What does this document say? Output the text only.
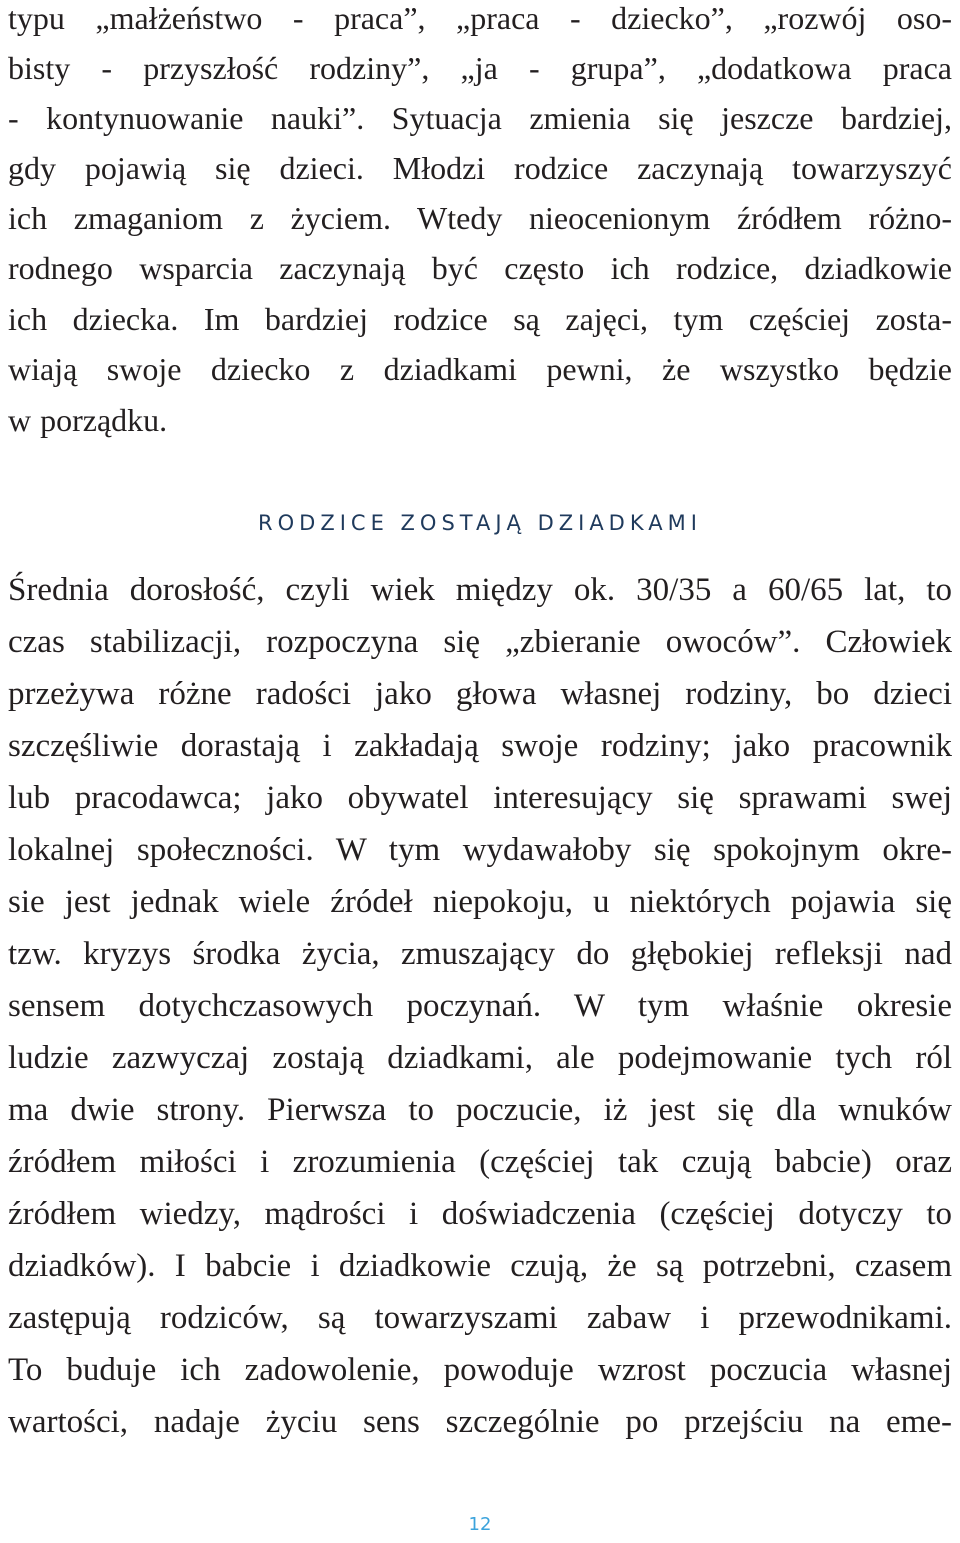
typu „małżeństwo - praca”, „praca - dziecko”, „rozwój oso-
bisty - przyszłość rodziny”, „ja - grupa”, „dodatkowa praca
- kontynuowanie nauki”. Sytuacja zmienia się jeszcze bardziej,
gdy pojawią się dzieci. Młodzi rodzice zaczynają towarzyszyć
ich zmaganiom z życiem. Wtedy nieocenionym źródłem różno-
rodnego wsparcia zaczynają być często ich rodzice, dziadkowie
ich dziecka. Im bardziej rodzice są zajęci, tym częściej zosta-
wiają swoje dziecko z dziadkami pewni, że wszystko będzie
w porządku.
RODZICE ZOSTAJĄ DZIADKAMI
Średnia dorosłość, czyli wiek między ok. 30/35 a 60/65 lat, to
czas stabilizacji, rozpoczyna się „zbieranie owoców”. Człowiek
przeżywa różne radości jako głowa własnej rodziny, bo dzieci
szczęśliwie dorastają i zakładają swoje rodziny; jako pracownik
lub pracodawca; jako obywatel interesujący się sprawami swej
lokalnej społeczności. W tym wydawałoby się spokojnym okre-
sie jest jednak wiele źródeł niepokoju, u niektórych pojawia się
tzw. kryzys środka życia, zmuszający do głębokiej refleksji nad
sensem dotychczasowych poczynań. W tym właśnie okresie
ludzie zazwyczaj zostają dziadkami, ale podejmowanie tych ról
ma dwie strony. Pierwsza to poczucie, iż jest się dla wnuków
źródłem miłości i zrozumienia (częściej tak czują babcie) oraz
źródłem wiedzy, mądrości i doświadczenia (częściej dotyczy to
dziadków). I babcie i dziadkowie czują, że są potrzebni, czasem
zastępują rodziców, są towarzyszami zabaw i przewodnikami.
To buduje ich zadowolenie, powoduje wzrost poczucia własnej
wartości, nadaje życiu sens szczególnie po przejściu na eme-
12
